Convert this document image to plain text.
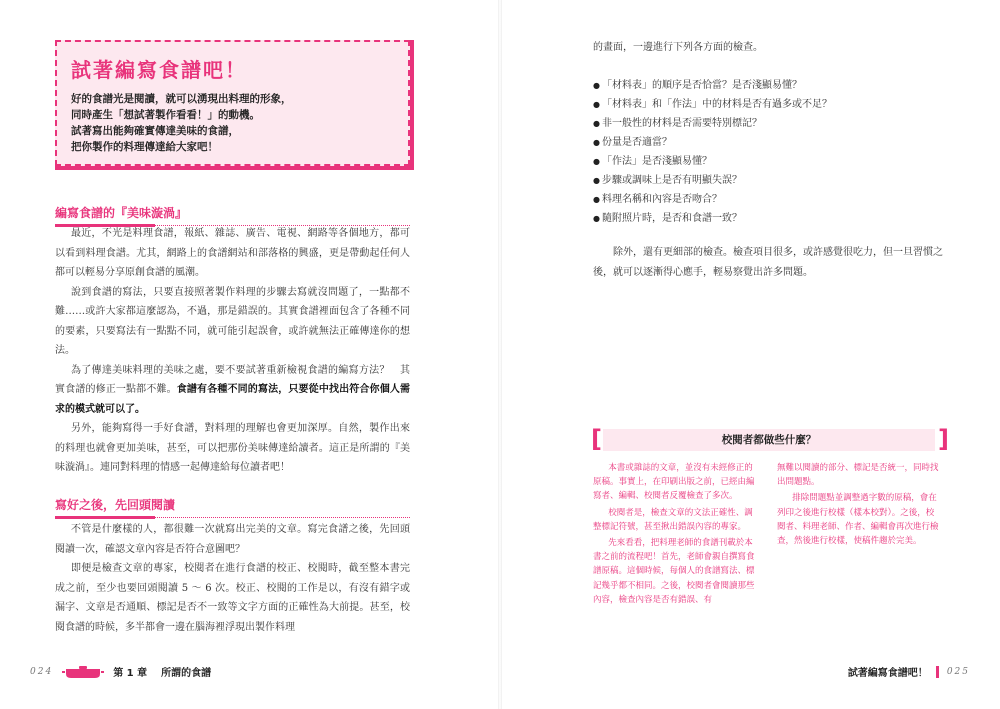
試著編寫食譜吧！
好的食譜光是閱讀，就可以湧現出料理的形象，
同時產生「想試著製作看看！」的動機。
試著寫出能夠確實傳達美味的食譜，
把你製作的料理傳達給大家吧！
編寫食譜的『美味漩渦』

最近，不光是料理食譜，報紙、雜誌、廣告、電視、網路等各個地方，都可以看到料理食譜。尤其，網路上的食譜網站和部落格的興盛，更是帶動起任何人都可以輕易分享原創食譜的風潮。

說到食譜的寫法，只要直接照著製作料理的步驟去寫就沒問題了，一點都不難……或許大家都這麼認為，不過，那是錯誤的。其實食譜裡面包含了各種不同的要素，只要寫法有一點點不同，就可能引起誤會，或許就無法正確傳達你的想法。

為了傳達美味料理的美味之處，要不要試著重新檢視食譜的編寫方法？　其實食譜的修正一點都不難。食譜有各種不同的寫法，只要從中找出符合你個人需求的模式就可以了。

另外，能夠寫得一手好食譜，對料理的理解也會更加深厚。自然，製作出來的料理也就會更加美味，甚至，可以把那份美味傳達給讀者。這正是所謂的『美味漩渦』。連同對料理的情感一起傳達給每位讀者吧！

寫好之後，先回頭閱讀

不管是什麼樣的人，都很難一次就寫出完美的文章。寫完食譜之後，先回頭閱讀一次，確認文章內容是否符合意圖吧？

即便是檢查文章的專家，校閱者在進行食譜的校正、校閱時，截至整本書完成之前，至少也要回頭閱讀 5 ～ 6 次。校正、校閱的工作是以，有沒有錯字或漏字、文章是否通順、標記是否不一致等文字方面的正確性為大前提。甚至，校閱食譜的時候，多半都會一邊在腦海裡浮現出製作料理

024	第 1 章 所謂的食譜
的畫面，一邊進行下列各方面的檢查。
● 「材料表」的順序是否恰當？是否淺顯易懂？
● 「材料表」和「作法」中的材料是否有過多或不足？
● 非一般性的材料是否需要特別標記？
● 份量是否適當？
● 「作法」是否淺顯易懂？
● 步驟或調味上是否有明顯失誤？
● 料理名稱和內容是否吻合？
● 隨附照片時，是否和食譜一致？

除外，還有更細部的檢查。檢查項目很多，或許感覺很吃力，但一旦習慣之後，就可以逐漸得心應手，輕易察覺出許多問題。

[	校閱者都做些什麼？	]

本書或雜誌的文章，並沒有未經修正的原稿。事實上，在印刷出版之前，已經由編寫者、編輯、校閱者反覆檢查了多次。

校閱者是，檢查文章的文法正確性、調整標記符號，甚至揪出錯誤內容的專家。

先來看看，把料理老師的食譜刊載於本書之前的流程吧！首先，老師會親自撰寫食譜原稿。這個時候，每個人的食譜寫法、標記幾乎都不相同。之後，校閱者會閱讀那些內容，檢查內容是否有錯誤、有

無難以閱讀的部分、標記是否統一，同時找出問題點。

排除問題點並調整過字數的原稿，會在列印之後進行校樣（樣本校對）。之後，校閱者、料理老師、作者、編輯會再次進行檢查，然後進行校樣，使稿件趨於完美。

試著編寫食譜吧！ 025
